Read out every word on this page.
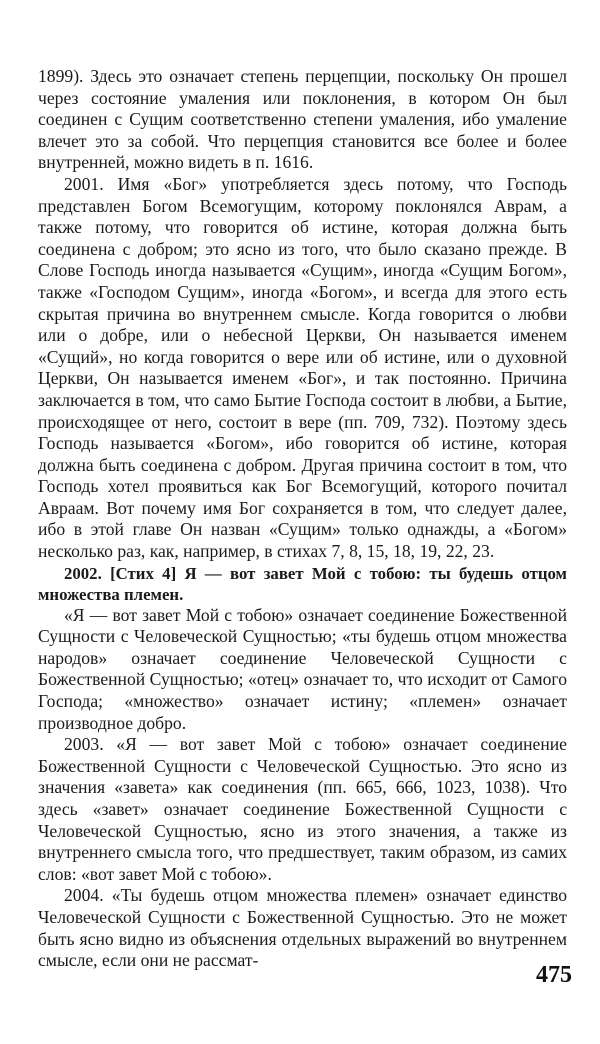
1899). Здесь это означает степень перцепции, поскольку Он прошел через состояние умаления или поклонения, в котором Он был соединен с Сущим соответственно степени умаления, ибо умаление влечет это за собой. Что перцепция становится все более и более внутренней, можно видеть в п. 1616.

2001. Имя «Бог» употребляется здесь потому, что Господь представлен Богом Всемогущим, которому поклонялся Аврам, а также потому, что говорится об истине, которая должна быть соединена с добром; это ясно из того, что было сказано прежде. В Слове Господь иногда называется «Сущим», иногда «Сущим Богом», также «Господом Сущим», иногда «Богом», и всегда для этого есть скрытая причина во внутреннем смысле. Когда говорится о любви или о добре, или о небесной Церкви, Он называется именем «Сущий», но когда говорится о вере или об истине, или о духовной Церкви, Он называется именем «Бог», и так постоянно. Причина заключается в том, что само Бытие Господа состоит в любви, а Бытие, происходящее от него, состоит в вере (пп. 709, 732). Поэтому здесь Господь называется «Богом», ибо говорится об истине, которая должна быть соединена с добром. Другая причина состоит в том, что Господь хотел проявиться как Бог Всемогущий, которого почитал Авраам. Вот почему имя Бог сохраняется в том, что следует далее, ибо в этой главе Он назван «Сущим» только однажды, а «Богом» несколько раз, как, например, в стихах 7, 8, 15, 18, 19, 22, 23.

2002. [Стих 4] Я — вот завет Мой с тобою: ты будешь отцом множества племен.

«Я — вот завет Мой с тобою» означает соединение Божественной Сущности с Человеческой Сущностью; «ты будешь отцом множества народов» означает соединение Человеческой Сущности с Божественной Сущностью; «отец» означает то, что исходит от Самого Господа; «множество» означает истину; «племен» означает производное добро.

2003. «Я — вот завет Мой с тобою» означает соединение Божественной Сущности с Человеческой Сущностью. Это ясно из значения «завета» как соединения (пп. 665, 666, 1023, 1038). Что здесь «завет» означает соединение Божественной Сущности с Человеческой Сущностью, ясно из этого значения, а также из внутреннего смысла того, что предшествует, таким образом, из самих слов: «вот завет Мой с тобою».

2004. «Ты будешь отцом множества племен» означает единство Человеческой Сущности с Божественной Сущностью. Это не может быть ясно видно из объяснения отдельных выражений во внутреннем смысле, если они не рассмат-

475
